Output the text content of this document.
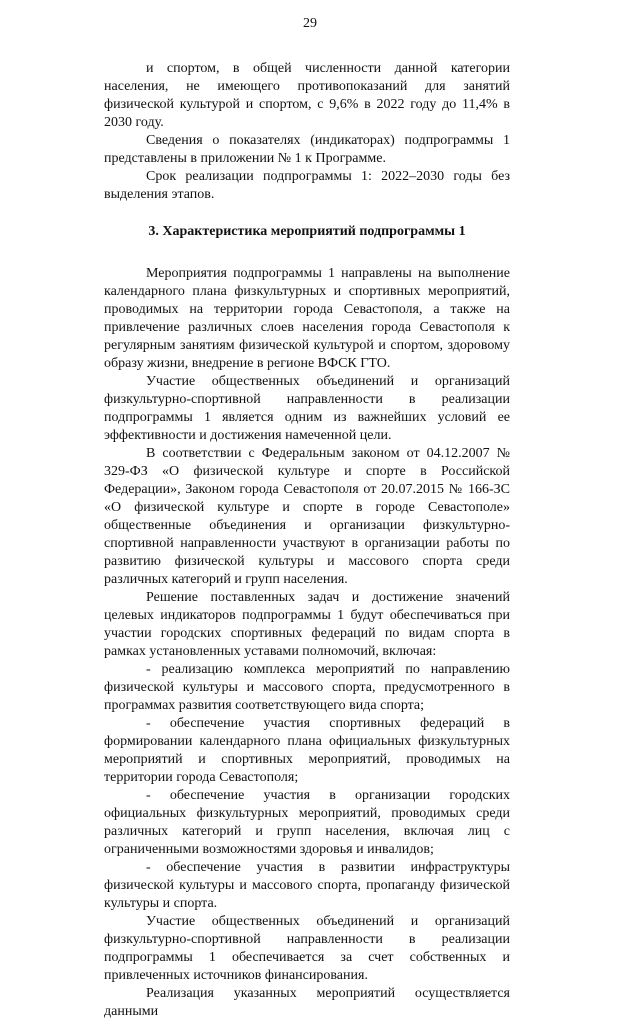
29

и спортом, в общей численности данной категории населения, не имеющего противопоказаний для занятий физической культурой и спортом, с 9,6% в 2022 году до 11,4% в 2030 году.

Сведения о показателях (индикаторах) подпрограммы 1 представлены в приложении № 1 к Программе.

Срок реализации подпрограммы 1: 2022–2030 годы без выделения этапов.

3. Характеристика мероприятий подпрограммы 1

Мероприятия подпрограммы 1 направлены на выполнение календарного плана физкультурных и спортивных мероприятий, проводимых на территории города Севастополя, а также на привлечение различных слоев населения города Севастополя к регулярным занятиям физической культурой и спортом, здоровому образу жизни, внедрение в регионе ВФСК ГТО.

Участие общественных объединений и организаций физкультурно-спортивной направленности в реализации подпрограммы 1 является одним из важнейших условий ее эффективности и достижения намеченной цели.

В соответствии с Федеральным законом от 04.12.2007 № 329-ФЗ «О физической культуре и спорте в Российской Федерации», Законом города Севастополя от 20.07.2015 № 166-ЗС «О физической культуре и спорте в городе Севастополе» общественные объединения и организации физкультурно-спортивной направленности участвуют в организации работы по развитию физической культуры и массового спорта среди различных категорий и групп населения.

Решение поставленных задач и достижение значений целевых индикаторов подпрограммы 1 будут обеспечиваться при участии городских спортивных федераций по видам спорта в рамках установленных уставами полномочий, включая:

- реализацию комплекса мероприятий по направлению физической культуры и массового спорта, предусмотренного в программах развития соответствующего вида спорта;

- обеспечение участия спортивных федераций в формировании календарного плана официальных физкультурных мероприятий и спортивных мероприятий, проводимых на территории города Севастополя;

- обеспечение участия в организации городских официальных физкультурных мероприятий, проводимых среди различных категорий и групп населения, включая лиц с ограниченными возможностями здоровья и инвалидов;

- обеспечение участия в развитии инфраструктуры физической культуры и массового спорта, пропаганду физической культуры и спорта.

Участие общественных объединений и организаций физкультурно-спортивной направленности в реализации подпрограммы 1 обеспечивается за счет собственных и привлеченных источников финансирования.

Реализация указанных мероприятий осуществляется данными
